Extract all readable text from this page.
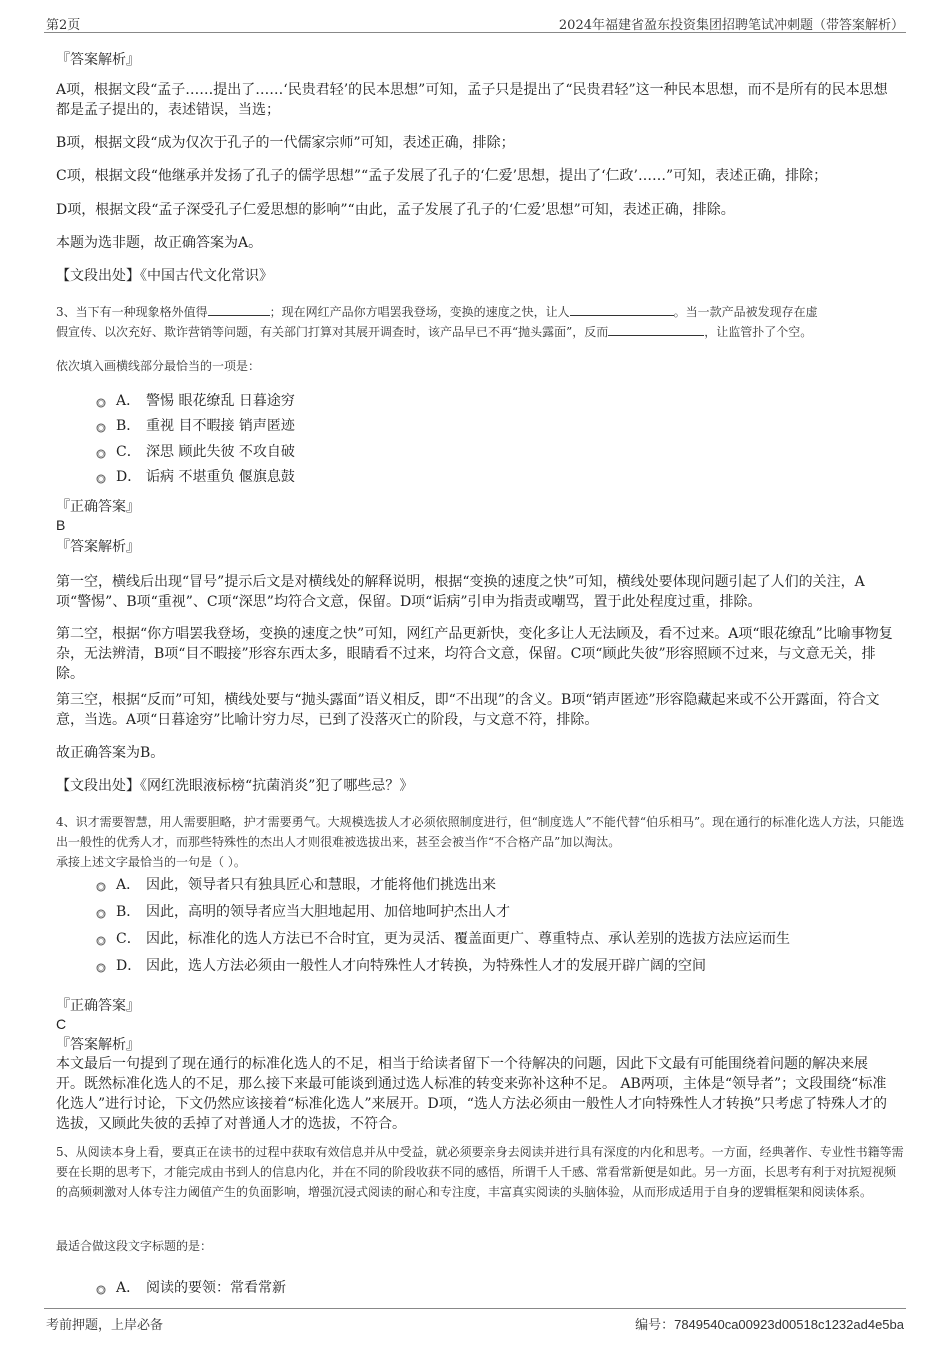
第2页	2024年福建省盈东投资集团招聘笔试冲刺题（带答案解析）
『答案解析』
A项，根据文段“孟子……提出了……‘民贵君轻’的民本思想”可知，孟子只是提出了“民贵君轻”这一种民本思想，而不是所有的民本思想都是孟子提出的，表述错误，当选；
B项，根据文段“成为仅次于孔子的一代儒家宗师”可知，表述正确，排除；
C项，根据文段“他继承并发扬了孔子的儒学思想”“孟子发展了孔子的‘仁爱’思想，提出了‘仁政’……”可知，表述正确，排除；
D项，根据文段“孟子深受孔子仁爱思想的影响”“由此，孟子发展了孔子的‘仁爱’思想”可知，表述正确，排除。
本题为选非题，故正确答案为A。
【文段出处】《中国古代文化常识》
3、当下有一种现象格外值得	；现在网红产品你方唱罢我登场，变换的速度之快，让人	。当一款产品被发现存在虚
假宣传、以次充好、欺诈营销等问题，有关部门打算对其展开调查时，该产品早已不再“抛头露面”，反而	，让监管扑了个空。
依次填入画横线部分最恰当的一项是：
A． 警惕 眼花缭乱 日暮途穷
B． 重视 目不暇接 销声匿迹
C． 深思 顾此失彼 不攻自破
D． 诟病 不堪重负 偃旗息鼓
『正确答案』
B
『答案解析』
第一空，横线后出现“冒号”提示后文是对横线处的解释说明，根据“变换的速度之快”可知，横线处要体现问题引起了人们的关注，A项“警惕”、B项“重视”、C项“深思”均符合文意，保留。D项“诟病”引申为指责或嘲骂，置于此处程度过重，排除。
第二空，根据“你方唱罢我登场，变换的速度之快”可知，网红产品更新快，变化多让人无法顾及，看不过来。A项“眼花缭乱”比喻事物复杂，无法辨清，B项“目不暇接”形容东西太多，眼睛看不过来，均符合文意，保留。C项“顾此失彼”形容照顾不过来，与文意无关，排除。
第三空，根据“反而”可知，横线处要与“抛头露面”语义相反，即“不出现”的含义。B项“销声匿迹”形容隐藏起来或不公开露面，符合文意，当选。A项“日暮途穷”比喻计穷力尽，已到了没落灭亡的阶段，与文意不符，排除。
故正确答案为B。
【文段出处】《网红洗眼液标榜“抗菌消炎”犯了哪些忌？》
4、识才需要智慧，用人需要胆略，护才需要勇气。大规模选拔人才必须依照制度进行，但“制度选人”不能代替“伯乐相马”。现在通行的标准化选人方法，只能选出一般性的优秀人才，而那些特殊性的杰出人才则很难被选拔出来，甚至会被当作“不合格产品”加以淘汰。
承接上述文字最恰当的一句是（ ）。
A． 因此，领导者只有独具匠心和慧眼，才能将他们挑选出来
B． 因此，高明的领导者应当大胆地起用、加倍地呵护杰出人才
C． 因此，标准化的选人方法已不合时宜，更为灵活、覆盖面更广、尊重特点、承认差别的选拔方法应运而生
D． 因此，选人方法必须由一般性人才向特殊性人才转换，为特殊性人才的发展开辟广阔的空间
『正确答案』
C
『答案解析』
本文最后一句提到了现在通行的标准化选人的不足，相当于给读者留下一个待解决的问题，因此下文最有可能围绕着问题的解决来展开。既然标准化选人的不足，那么接下来最可能谈到通过选人标准的转变来弥补这种不足。 AB两项，主体是“领导者”；文段围绕“标准化选人”进行讨论，下文仍然应该接着“标准化选人”来展开。D项，“选人方法必须由一般性人才向特殊性人才转换”只考虑了特殊人才的选拔，又顾此失彼的丢掉了对普通人才的选拔，不符合。
5、从阅读本身上看，要真正在读书的过程中获取有效信息并从中受益，就必须要亲身去阅读并进行具有深度的内化和思考。一方面，经典著作、专业性书籍等需要在长期的思考下，才能完成由书到人的信息内化，并在不同的阶段收获不同的感悟，所谓千人千感、常看常新便是如此。另一方面，长思考有利于对抗短视频的高频刺激对人体专注力阈值产生的负面影响，增强沉浸式阅读的耐心和专注度，丰富真实阅读的头脑体验，从而形成适用于自身的逻辑框架和阅读体系。
最适合做这段文字标题的是：
A． 阅读的要领：常看常新
考前押题，上岸必备	编号：7849540ca00923d00518c1232ad4e5ba
